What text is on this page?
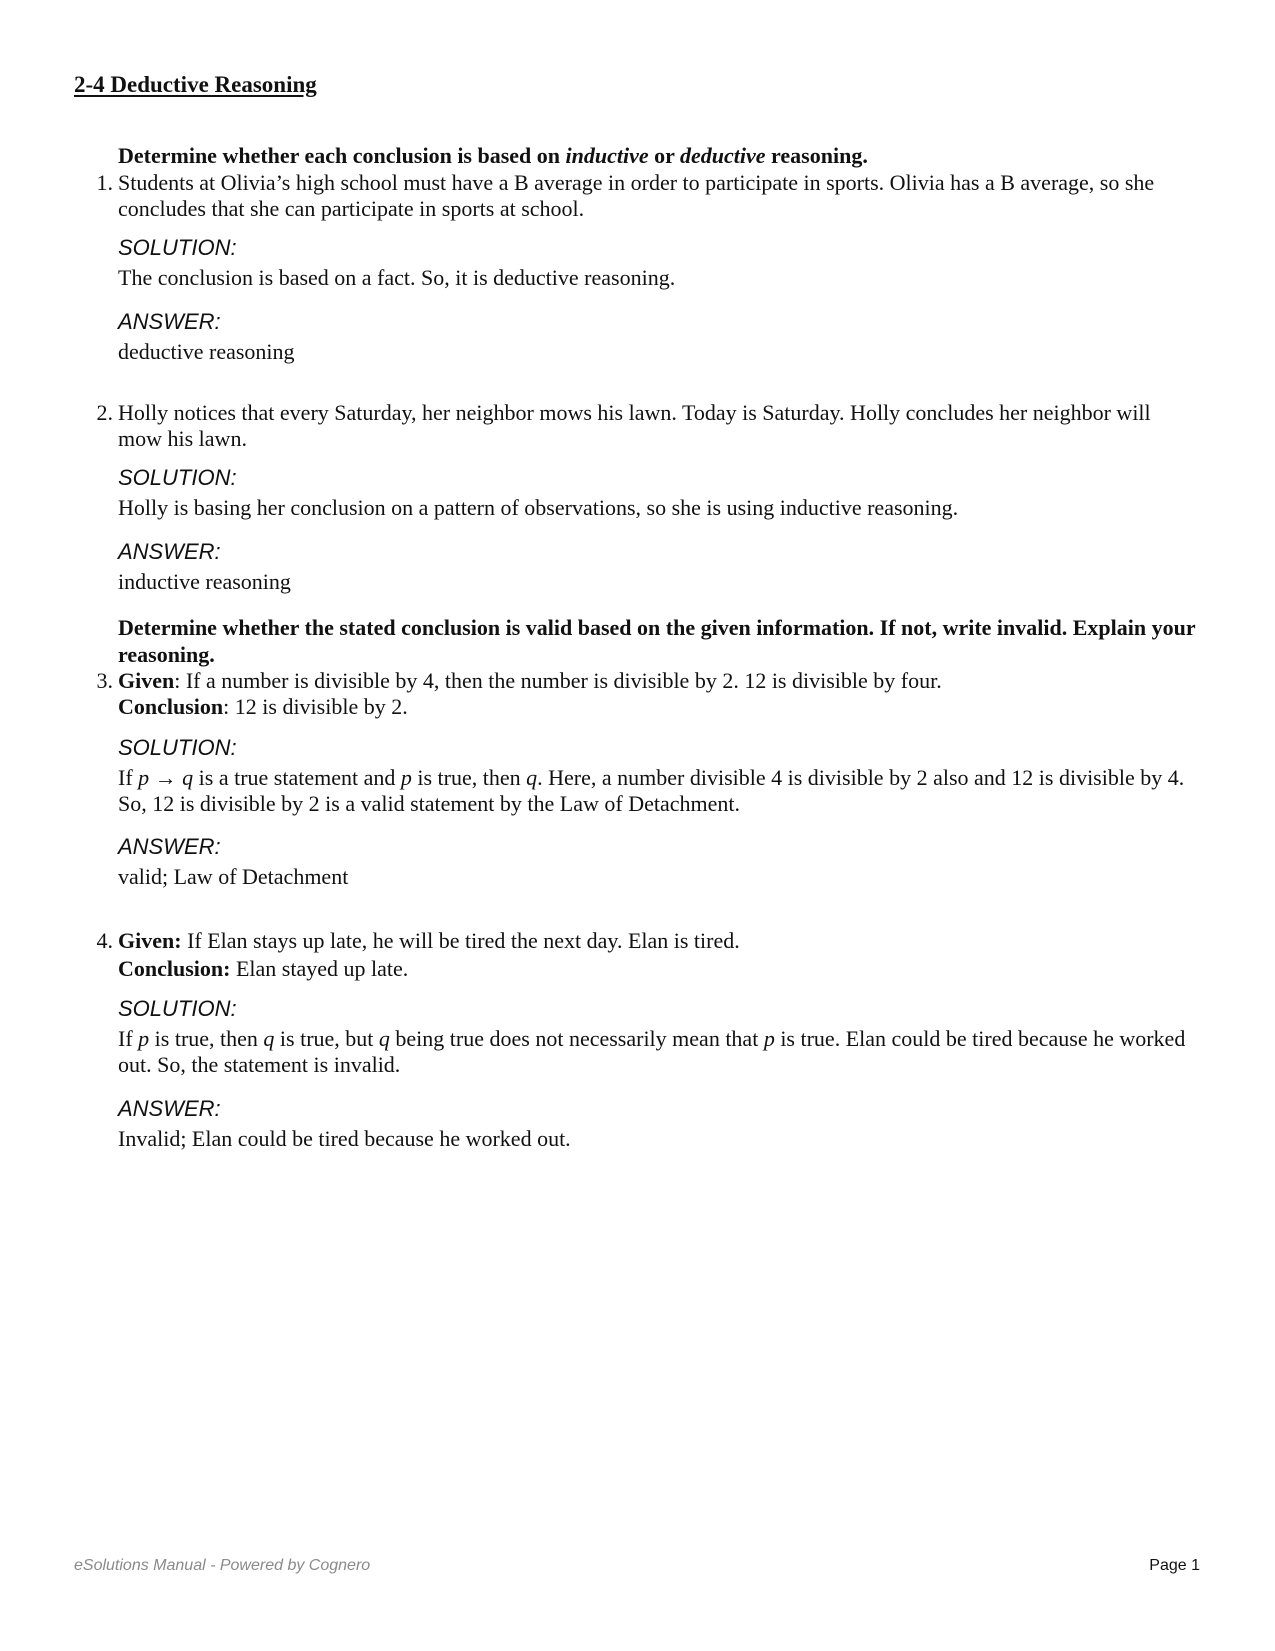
2-4 Deductive Reasoning
Determine whether each conclusion is based on inductive or deductive reasoning.
1. Students at Olivia’s high school must have a B average in order to participate in sports. Olivia has a B average, so she concludes that she can participate in sports at school.
SOLUTION:
The conclusion is based on a fact. So, it is deductive reasoning.
ANSWER:
deductive reasoning
2. Holly notices that every Saturday, her neighbor mows his lawn. Today is Saturday. Holly concludes her neighbor will mow his lawn.
SOLUTION:
Holly is basing her conclusion on a pattern of observations, so she is using inductive reasoning.
ANSWER:
inductive reasoning
Determine whether the stated conclusion is valid based on the given information. If not, write invalid. Explain your reasoning.
3. Given: If a number is divisible by 4, then the number is divisible by 2. 12 is divisible by four.
Conclusion: 12 is divisible by 2.
SOLUTION:
If p → q is a true statement and p is true, then q. Here, a number divisible 4 is divisible by 2 also and 12 is divisible by 4. So, 12 is divisible by 2 is a valid statement by the Law of Detachment.
ANSWER:
valid; Law of Detachment
4. Given: If Elan stays up late, he will be tired the next day. Elan is tired.
Conclusion: Elan stayed up late.
SOLUTION:
If p is true, then q is true, but q being true does not necessarily mean that p is true. Elan could be tired because he worked out. So, the statement is invalid.
ANSWER:
Invalid; Elan could be tired because he worked out.
eSolutions Manual - Powered by Cognero	Page 1
